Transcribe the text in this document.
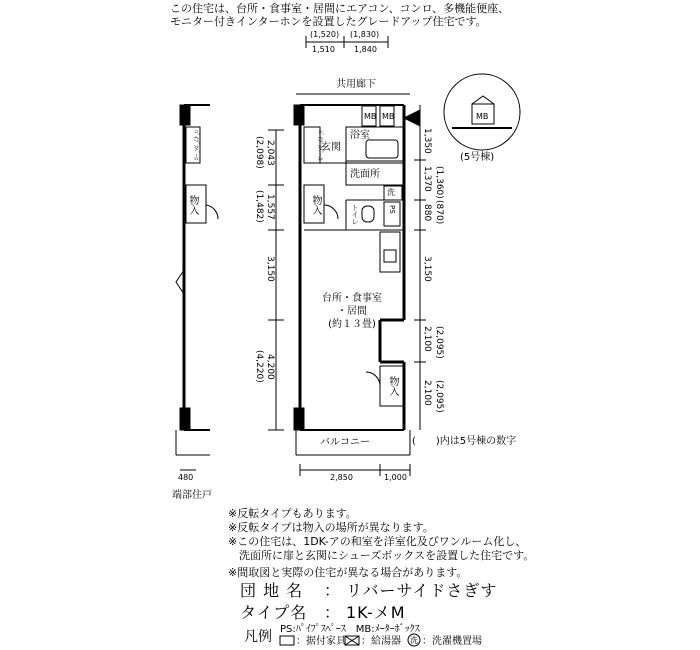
この住宅は、台所・食事室・居間にエアコン、コンロ、多機能便座、
モニター付きインターホンを設置したグレードアップ住宅です。
(1,520) (1,830)
1,510 1,840
共用廊下
MB
(5号棟)
MB MB
浴室
玄関
洗面所
洗
物入	トイレ	PS
台所・食事室
・居間
(約１３畳)
物入
バルコニー
ﾊﾟｲﾌﾟｽﾍﾟｰｽ
ﾊﾟｲﾌﾟｽﾍﾟｰｽ
物入
480
端部住戸
(2,098) 2,043
(1,482) 1,557
3,150
(4,220) 4,200
1,350
1,370 (1,360)
880 (870)
3,150
2,100 (2,095)
2,100 (2,095)
2,850	1,000
(　　)内は5号棟の数字
※反転タイプもあります。
※反転タイプは物入の場所が異なります。
※この住宅は、1DK-アの和室を洋室化及びワンルーム化し、
　洗面所に扉と玄関にシューズボックスを設置した住宅です。
※間取図と実際の住宅が異なる場合があります。
団 地 名 ： リバーサイドさぎす
タイプ名 ： 1K-メM
凡例 PS:ﾊﾟｲﾌﾟｽﾍﾟｰｽ　MB:ﾒｰﾀｰﾎﾞｯｸｽ
：据付家具 ：給湯器 洗 ：洗濯機置場
